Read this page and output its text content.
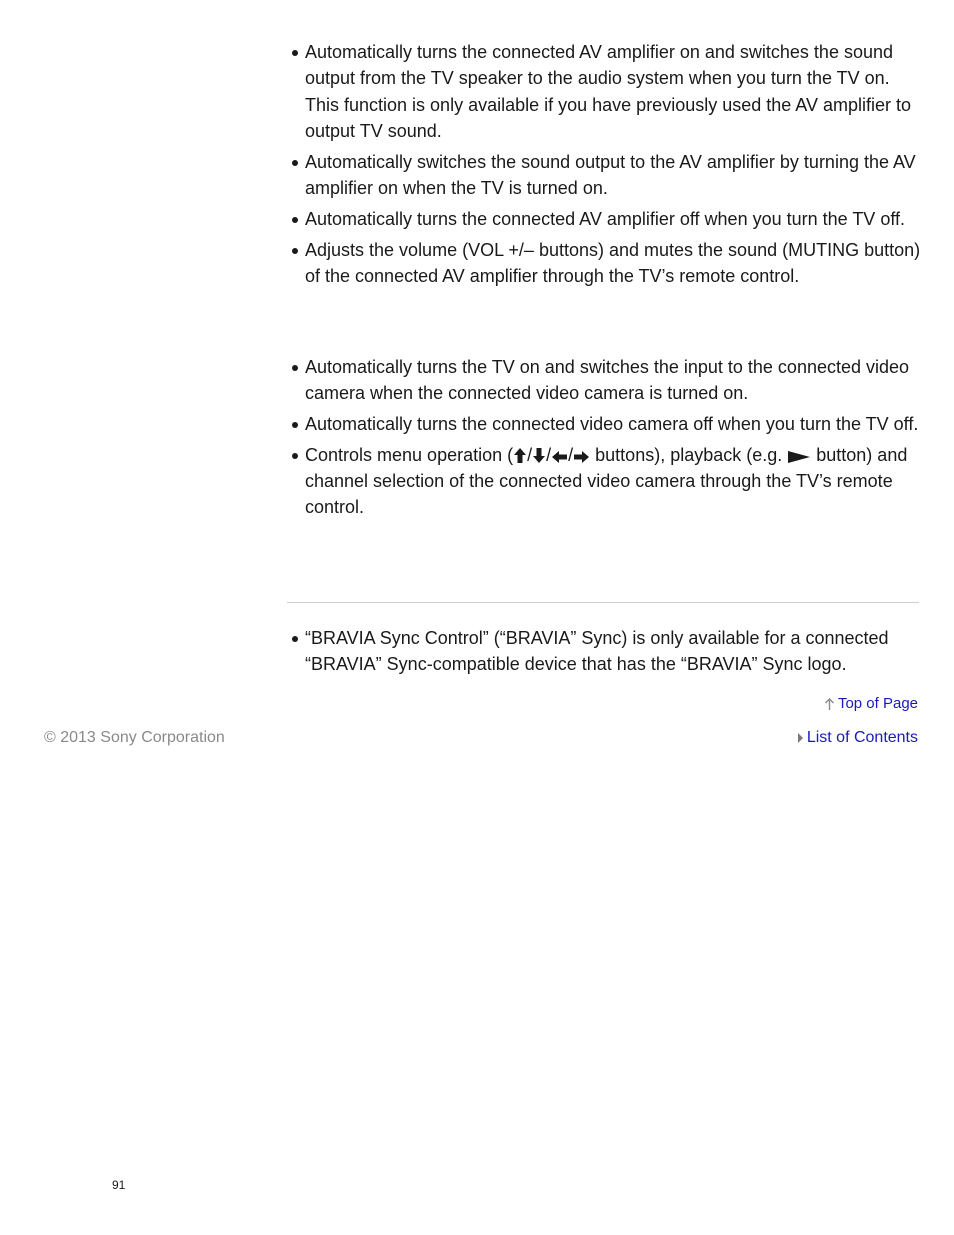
Automatically turns the connected AV amplifier on and switches the sound output from the TV speaker to the audio system when you turn the TV on. This function is only available if you have previously used the AV amplifier to output TV sound.
Automatically switches the sound output to the AV amplifier by turning the AV amplifier on when the TV is turned on.
Automatically turns the connected AV amplifier off when you turn the TV off.
Adjusts the volume (VOL +/– buttons) and mutes the sound (MUTING button) of the connected AV amplifier through the TV’s remote control.
Automatically turns the TV on and switches the input to the connected video camera when the connected video camera is turned on.
Automatically turns the connected video camera off when you turn the TV off.
Controls menu operation ( / / / buttons), playback (e.g.  button) and channel selection of the connected video camera through the TV’s remote control.
“BRAVIA Sync Control” (“BRAVIA” Sync) is only available for a connected “BRAVIA” Sync-compatible device that has the “BRAVIA” Sync logo.
Top of Page
© 2013 Sony Corporation	List of Contents
91
